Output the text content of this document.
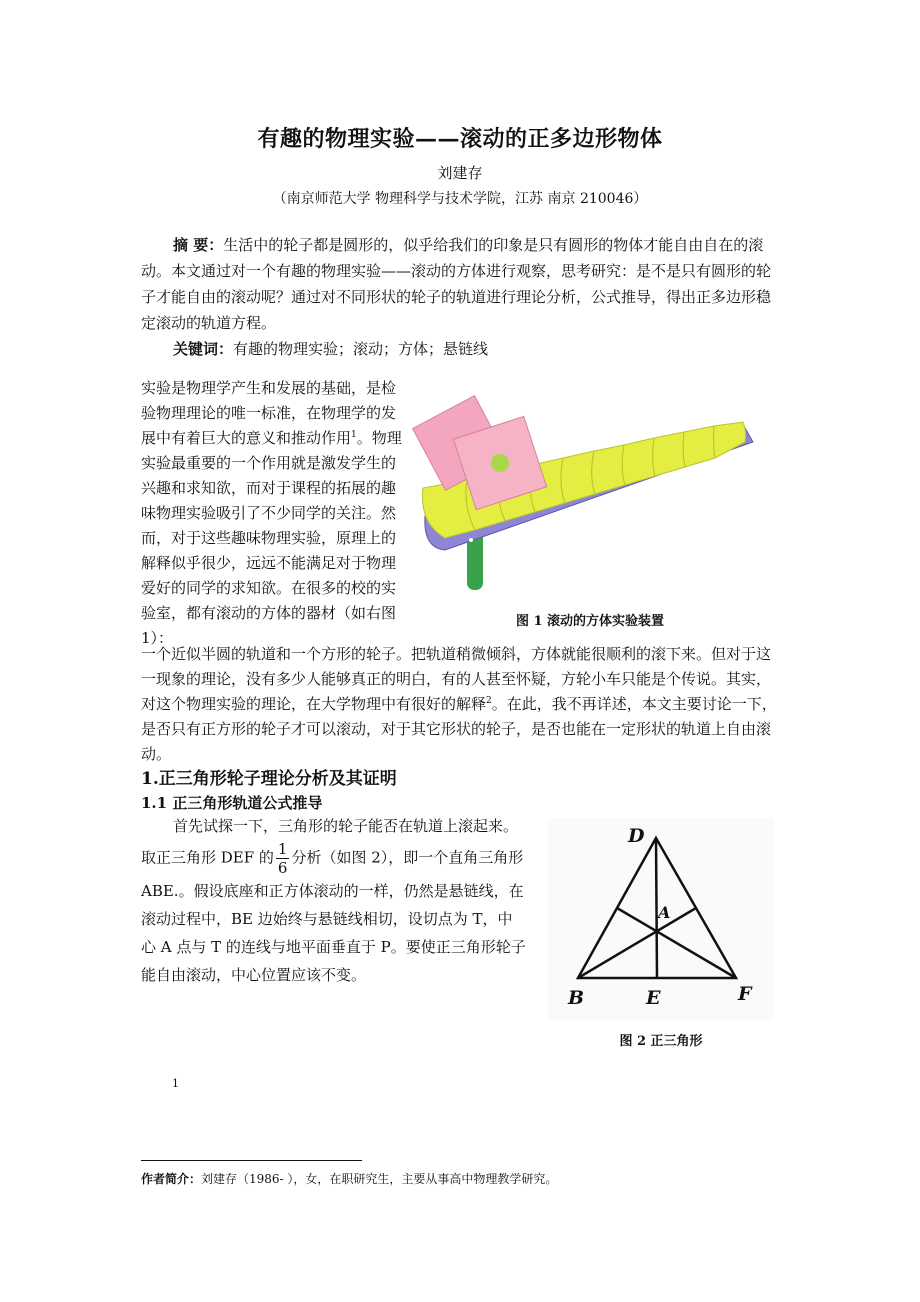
有趣的物理实验——滚动的正多边形物体
刘建存
（南京师范大学 物理科学与技术学院，江苏 南京 210046）

摘 要：生活中的轮子都是圆形的，似乎给我们的印象是只有圆形的物体才能自由自在的滚动。本文通过对一个有趣的物理实验——滚动的方体进行观察，思考研究：是不是只有圆形的轮子才能自由的滚动呢？通过对不同形状的轮子的轨道进行理论分析，公式推导，得出正多边形稳定滚动的轨道方程。

关键词：有趣的物理实验；滚动；方体；悬链线

实验是物理学产生和发展的基础，是检验物理理论的唯一标准，在物理学的发展中有着巨大的意义和推动作用$^1$。物理实验最重要的一个作用就是激发学生的兴趣和求知欲，而对于课程的拓展的趣味物理实验吸引了不少同学的关注。然而，对于这些趣味物理实验，原理上的解释似乎很少，远远不能满足对于物理爱好的同学的求知欲。在很多的校的实验室，都有滚动的方体的器材（如右图 1）：
图 1 滚动的方体实验装置
一个近似半圆的轨道和一个方形的轮子。把轨道稍微倾斜，方体就能很顺利的滚下来。但对于这一现象的理论，没有多少人能够真正的明白，有的人甚至怀疑，方轮小车只能是个传说。其实，对这个物理实验的理论，在大学物理中有很好的解释$^2$。在此，我不再详述，本文主要讨论一下，是否只有正方形的轮子才可以滚动，对于其它形状的轮子，是否也能在一定形状的轨道上自由滚动。
1.正三角形轮子理论分析及其证明
1.1 正三角形轨道公式推导
首先试探一下，三角形的轮子能否在轨道上滚起来。取正三角形 DEF 的 $\frac{1}{6}$ 分析（如图 2），即一个直角三角形 ABE.。假设底座和正方体滚动的一样，仍然是悬链线，在滚动过程中，BE 边始终与悬链线相切，设切点为 T，中心 A 点与 T 的连线与地平面垂直于 P。要使正三角形轮子能自由滚动，中心位置应该不变。
D
A
B	E	F
图 2 正三角形
1
作者简介：刘建存（1986- ），女，在职研究生，主要从事高中物理教学研究。
